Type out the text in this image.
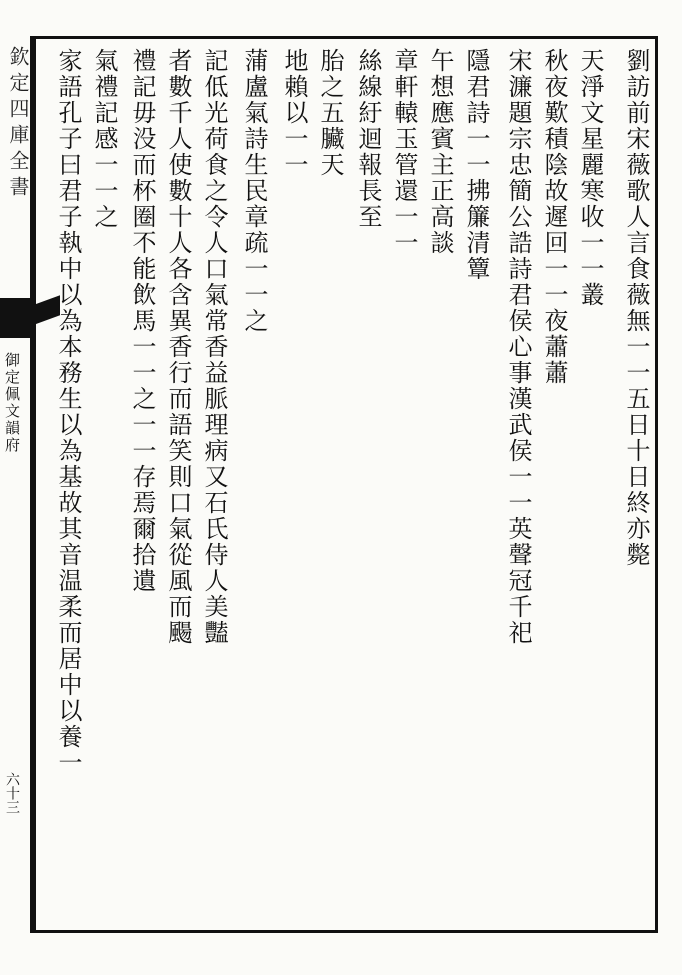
欽定四庫全書
御定佩文韻府
六十三
劉訪前宋薇歌人言食薇無一一五日十日終亦斃
天淨文星麗寒收一一叢
秋夜歎積陰故遲回一一夜蕭蕭
宋濂題宗忠簡公誥詩君侯心事漢武侯一一英聲冠千祀
隱君詩一一拂簾清簟
午想應賓主正高談
章軒轅玉管還一一
絲線紆迴報長至
胎之五臟天
地賴以一一
蒲盧氣詩生民章疏一一之
記低光荷食之令人口氣常香益脈理病又石氏侍人美豔
者數千人使數十人各含異香行而語笑則口氣從風而颺
禮記毋没而杯圈不能飲馬一一之一一存焉爾拾遺
氣禮記感一一之
家語孔子曰君子執中以為本務生以為基故其音温柔而居中以養一
